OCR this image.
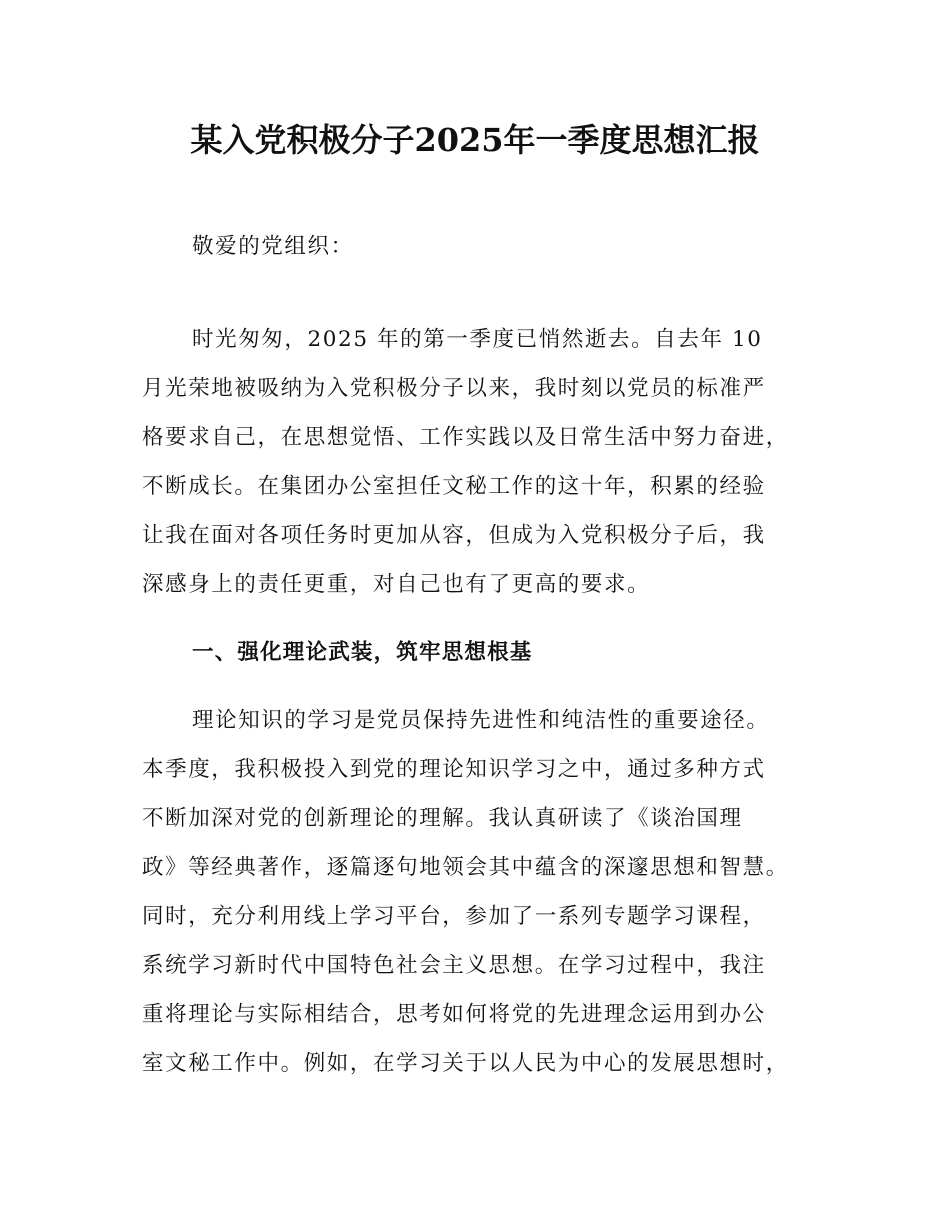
某入党积极分子2025年一季度思想汇报
敬爱的党组织：
时光匆匆，2025 年的第一季度已悄然逝去。自去年 10
月光荣地被吸纳为入党积极分子以来，我时刻以党员的标准严
格要求自己，在思想觉悟、工作实践以及日常生活中努力奋进，
不断成长。在集团办公室担任文秘工作的这十年，积累的经验
让我在面对各项任务时更加从容，但成为入党积极分子后，我
深感身上的责任更重，对自己也有了更高的要求。
一、强化理论武装，筑牢思想根基
理论知识的学习是党员保持先进性和纯洁性的重要途径。
本季度，我积极投入到党的理论知识学习之中，通过多种方式
不断加深对党的创新理论的理解。我认真研读了《谈治国理
政》等经典著作，逐篇逐句地领会其中蕴含的深邃思想和智慧。
同时，充分利用线上学习平台，参加了一系列专题学习课程，
系统学习新时代中国特色社会主义思想。在学习过程中，我注
重将理论与实际相结合，思考如何将党的先进理念运用到办公
室文秘工作中。例如，在学习关于以人民为中心的发展思想时，
